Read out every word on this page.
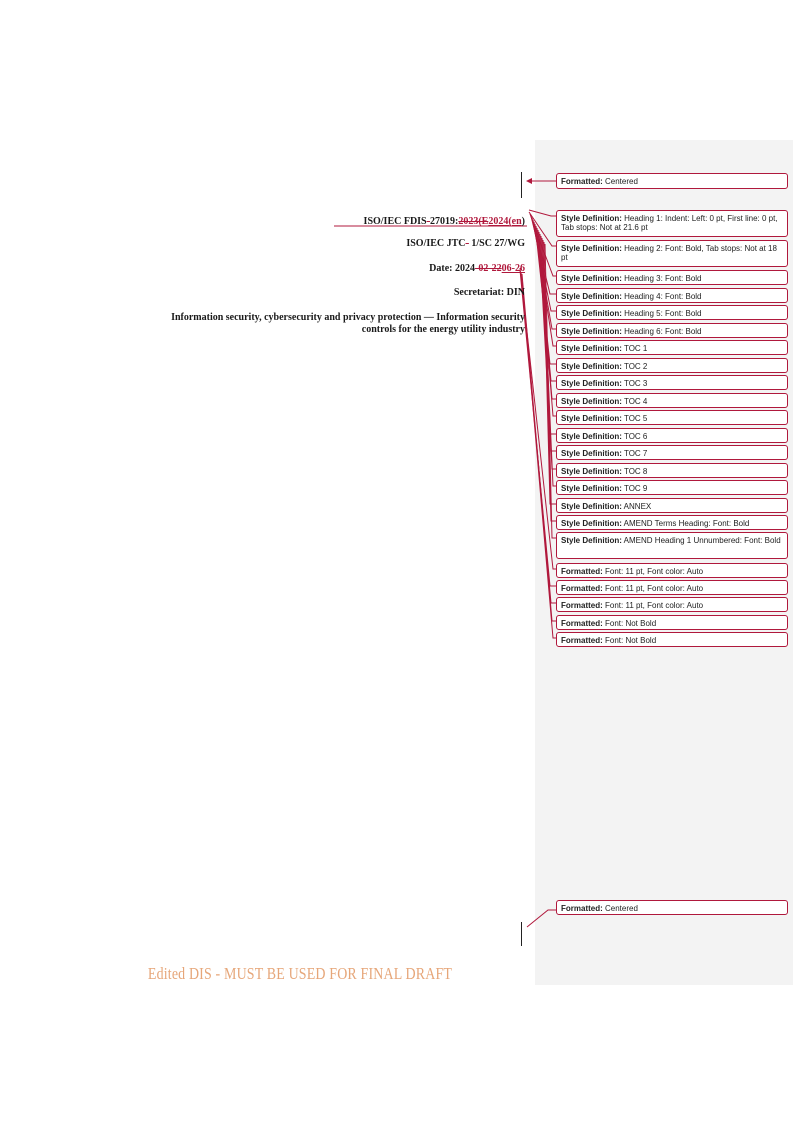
ISO/IEC FDIS-27019:2023(E2024(en)
ISO/IEC JTC- 1/SC 27/WG
Date: 2024-02-2206-26
Secretariat: DIN
Information security, cybersecurity and privacy protection — Information security
controls for the energy utility industry
Formatted: Centered
Style Definition: Heading 1: Indent: Left: 0 pt, First line: 0 pt, Tab stops: Not at 21.6 pt
Style Definition: Heading 2: Font: Bold, Tab stops: Not at 18 pt
Style Definition: Heading 3: Font: Bold
Style Definition: Heading 4: Font: Bold
Style Definition: Heading 5: Font: Bold
Style Definition: Heading 6: Font: Bold
Style Definition: TOC 1
Style Definition: TOC 2
Style Definition: TOC 3
Style Definition: TOC 4
Style Definition: TOC 5
Style Definition: TOC 6
Style Definition: TOC 7
Style Definition: TOC 8
Style Definition: TOC 9
Style Definition: ANNEX
Style Definition: AMEND Terms Heading: Font: Bold
Style Definition: AMEND Heading 1 Unnumbered: Font: Bold
Formatted: Font: 11 pt, Font color: Auto
Formatted: Font: 11 pt, Font color: Auto
Formatted: Font: 11 pt, Font color: Auto
Formatted: Font: Not Bold
Formatted: Font: Not Bold
Formatted: Centered
Edited DIS - MUST BE USED FOR FINAL DRAFT
